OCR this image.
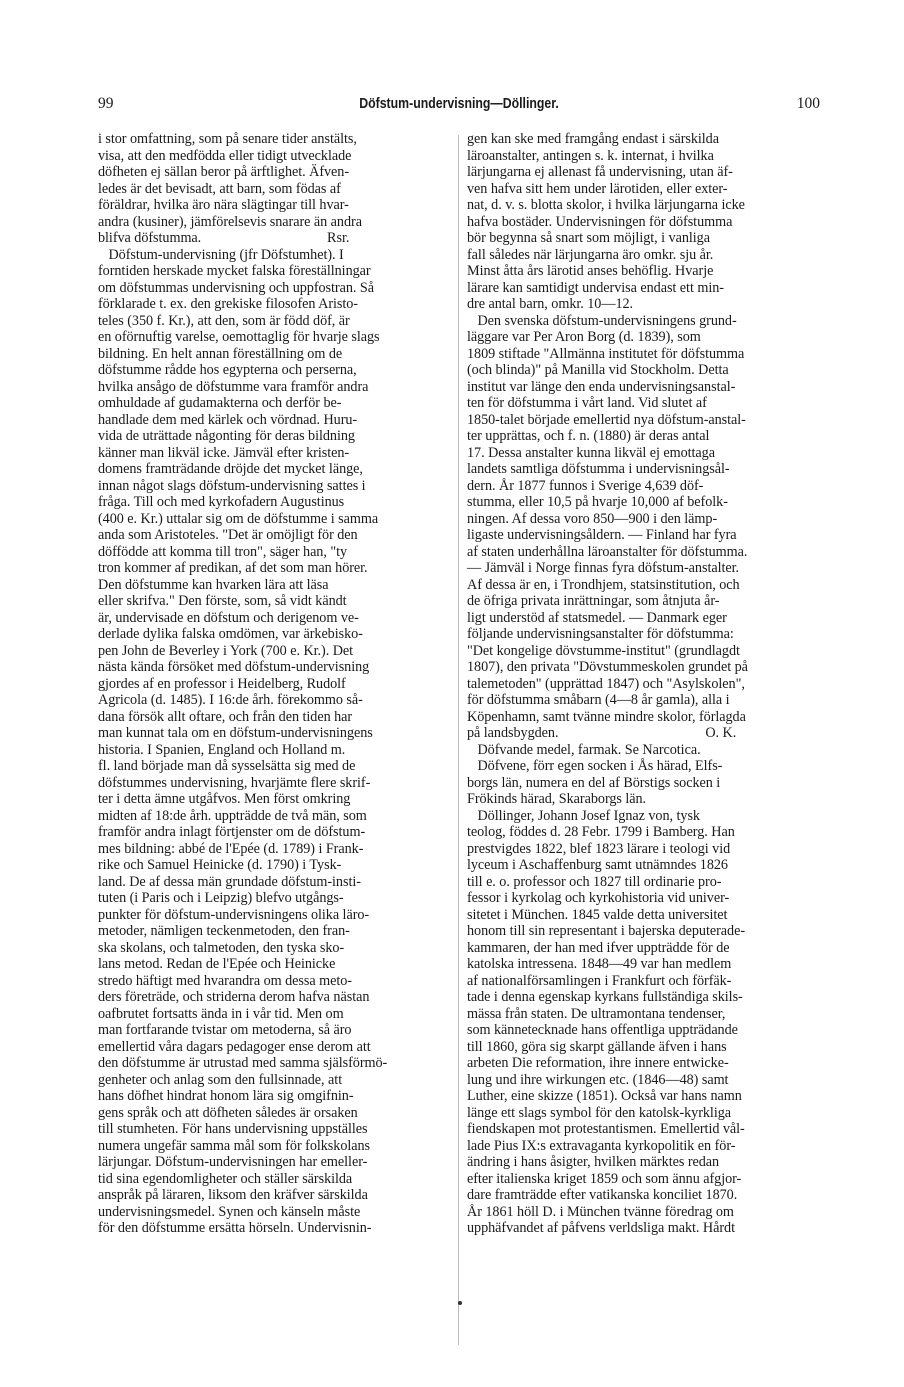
99	Döfstum-undervisning—Döllinger.	100
i stor omfattning, som på senare tider anstälts,
visa, att den medfödda eller tidigt utvecklade
döfheten ej sällan beror på ärftlighet. Äfven-
ledes är det bevisadt, att barn, som födas af
föräldrar, hvilka äro nära slägtingar till hvar-
andra (kusiner), jämförelsevis snarare än andra
blifva döfstumma.                                    Rsr.
Döfstum-undervisning (jfr Döfstumhet). I
forntiden herskade mycket falska föreställningar
om döfstummas undervisning och uppfostran. Så
förklarade t. ex. den grekiske filosofen Aristo-
teles (350 f. Kr.), att den, som är född döf, är
en oförnuftig varelse, oemottaglig för hvarje slags
bildning. En helt annan föreställning om de
döfstumme rådde hos egypterna och perserna,
hvilka ansågo de döfstumme vara framför andra
omhuldade af gudamakterna och derför be-
handlade dem med kärlek och vördnad. Huru-
vida de uträttade någonting för deras bildning
känner man likväl icke. Jämväl efter kristen-
domens framträdande dröjde det mycket länge,
innan något slags döfstum-undervisning sattes i
fråga. Till och med kyrkofadern Augustinus
(400 e. Kr.) uttalar sig om de döfstumme i samma
anda som Aristoteles. "Det är omöjligt för den
döffödde att komma till tron", säger han, "ty
tron kommer af predikan, af det som man hörer.
Den döfstumme kan hvarken lära att läsa
eller skrifva." Den förste, som, så vidt kändt
är, undervisade en döfstum och derigenom ve-
derlade dylika falska omdömen, var ärkebisko-
pen John de Beverley i York (700 e. Kr.). Det
nästa kända försöket med döfstum-undervisning
gjordes af en professor i Heidelberg, Rudolf
Agricola (d. 1485). I 16:de årh. förekommo så-
dana försök allt oftare, och från den tiden har
man kunnat tala om en döfstum-undervisningens
historia. I Spanien, England och Holland m.
fl. land började man då sysselsätta sig med de
döfstummes undervisning, hvarjämte flere skrif-
ter i detta ämne utgåfvos. Men först omkring
midten af 18:de årh. uppträdde de två män, som
framför andra inlagt förtjenster om de döfstum-
mes bildning: abbé de l'Epée (d. 1789) i Frank-
rike och Samuel Heinicke (d. 1790) i Tysk-
land. De af dessa män grundade döfstum-insti-
tuten (i Paris och i Leipzig) blefvo utgångs-
punkter för döfstum-undervisningens olika läro-
metoder, nämligen teckenmetoden, den fran-
ska skolans, och talmetoden, den tyska sko-
lans metod. Redan de l'Epée och Heinicke
stredo häftigt med hvarandra om dessa meto-
ders företräde, och striderna derom hafva nästan
oafbrutet fortsatts ända in i vår tid. Men om
man fortfarande tvistar om metoderna, så äro
emellertid våra dagars pedagoger ense derom att
den döfstumme är utrustad med samma själsförmö-
genheter och anlag som den fullsinnade, att
hans döfhet hindrat honom lära sig omgifnin-
gens språk och att döfheten således är orsaken
till stumheten. För hans undervisning uppställes
numera ungefär samma mål som för folkskolans
lärjungar. Döfstum-undervisningen har emeller-
tid sina egendomligheter och ställer särskilda
anspråk på läraren, liksom den kräfver särskilda
undervisningsmedel. Synen och känseln måste
för den döfstumme ersätta hörseln. Undervisnin-
gen kan ske med framgång endast i särskilda
läroanstalter, antingen s. k. internat, i hvilka
lärjungarna ej allenast få undervisning, utan äf-
ven hafva sitt hem under lärotiden, eller exter-
nat, d. v. s. blotta skolor, i hvilka lärjungarna icke
hafva bostäder. Undervisningen för döfstumma
bör begynna så snart som möjligt, i vanliga
fall således när lärjungarna äro omkr. sju år.
Minst åtta års lärotid anses behöflig. Hvarje
lärare kan samtidigt undervisa endast ett min-
dre antal barn, omkr. 10—12.
Den svenska döfstum-undervisningens grund-
läggare var Per Aron Borg (d. 1839), som
1809 stiftade "Allmänna institutet för döfstumma
(och blinda)" på Manilla vid Stockholm. Detta
institut var länge den enda undervisningsanstal-
ten för döfstumma i vårt land. Vid slutet af
1850-talet började emellertid nya döfstum-anstal-
ter upprättas, och f. n. (1880) är deras antal
17. Dessa anstalter kunna likväl ej emottaga
landets samtliga döfstumma i undervisningsål-
dern. År 1877 funnos i Sverige 4,639 döf-
stumma, eller 10,5 på hvarje 10,000 af befolk-
ningen. Af dessa voro 850—900 i den lämp-
ligaste undervisningsåldern. — Finland har fyra
af staten underhållna läroanstalter för döfstumma.
— Jämväl i Norge finnas fyra döfstum-anstalter.
Af dessa är en, i Trondhjem, statsinstitution, och
de öfriga privata inrättningar, som åtnjuta år-
ligt understöd af statsmedel. — Danmark eger
följande undervisningsanstalter för döfstumma:
"Det kongelige dövstumme-institut" (grundlagdt
1807), den privata "Dövstummeskolen grundet på
talemetoden" (upprättad 1847) och "Asylskolen",
för döfstumma småbarn (4—8 år gamla), alla i
Köpenhamn, samt tvänne mindre skolor, förlagda
på landsbygden.                                          O. K.
Döfvande medel, farmak. Se Narcotica.
Döfvene, förr egen socken i Ås härad, Elfs-
borgs län, numera en del af Börstigs socken i
Frökinds härad, Skaraborgs län.
Döllinger, Johann Josef Ignaz von, tysk
teolog, föddes d. 28 Febr. 1799 i Bamberg. Han
prestvigdes 1822, blef 1823 lärare i teologi vid
lyceum i Aschaffenburg samt utnämndes 1826
till e. o. professor och 1827 till ordinarie pro-
fessor i kyrkolag och kyrkohistoria vid univer-
sitetet i München. 1845 valde detta universitet
honom till sin representant i bajerska deputerade-
kammaren, der han med ifver uppträdde för de
katolska intressena. 1848—49 var han medlem
af nationalförsamlingen i Frankfurt och förfäk-
tade i denna egenskap kyrkans fullständiga skils-
mässa från staten. De ultramontana tendenser,
som kännetecknade hans offentliga uppträdande
till 1860, göra sig skarpt gällande äfven i hans
arbeten Die reformation, ihre innere entwicke-
lung und ihre wirkungen etc. (1846—48) samt
Luther, eine skizze (1851). Också var hans namn
länge ett slags symbol för den katolsk-kyrkliga
fiendskapen mot protestantismen. Emellertid vål-
lade Pius IX:s extravaganta kyrkopolitik en för-
ändring i hans åsigter, hvilken märktes redan
efter italienska kriget 1859 och som ännu afgjor-
dare framträdde efter vatikanska konciliet 1870.
År 1861 höll D. i München tvänne föredrag om
upphäfvandet af påfvens verldsliga makt. Hårdt
